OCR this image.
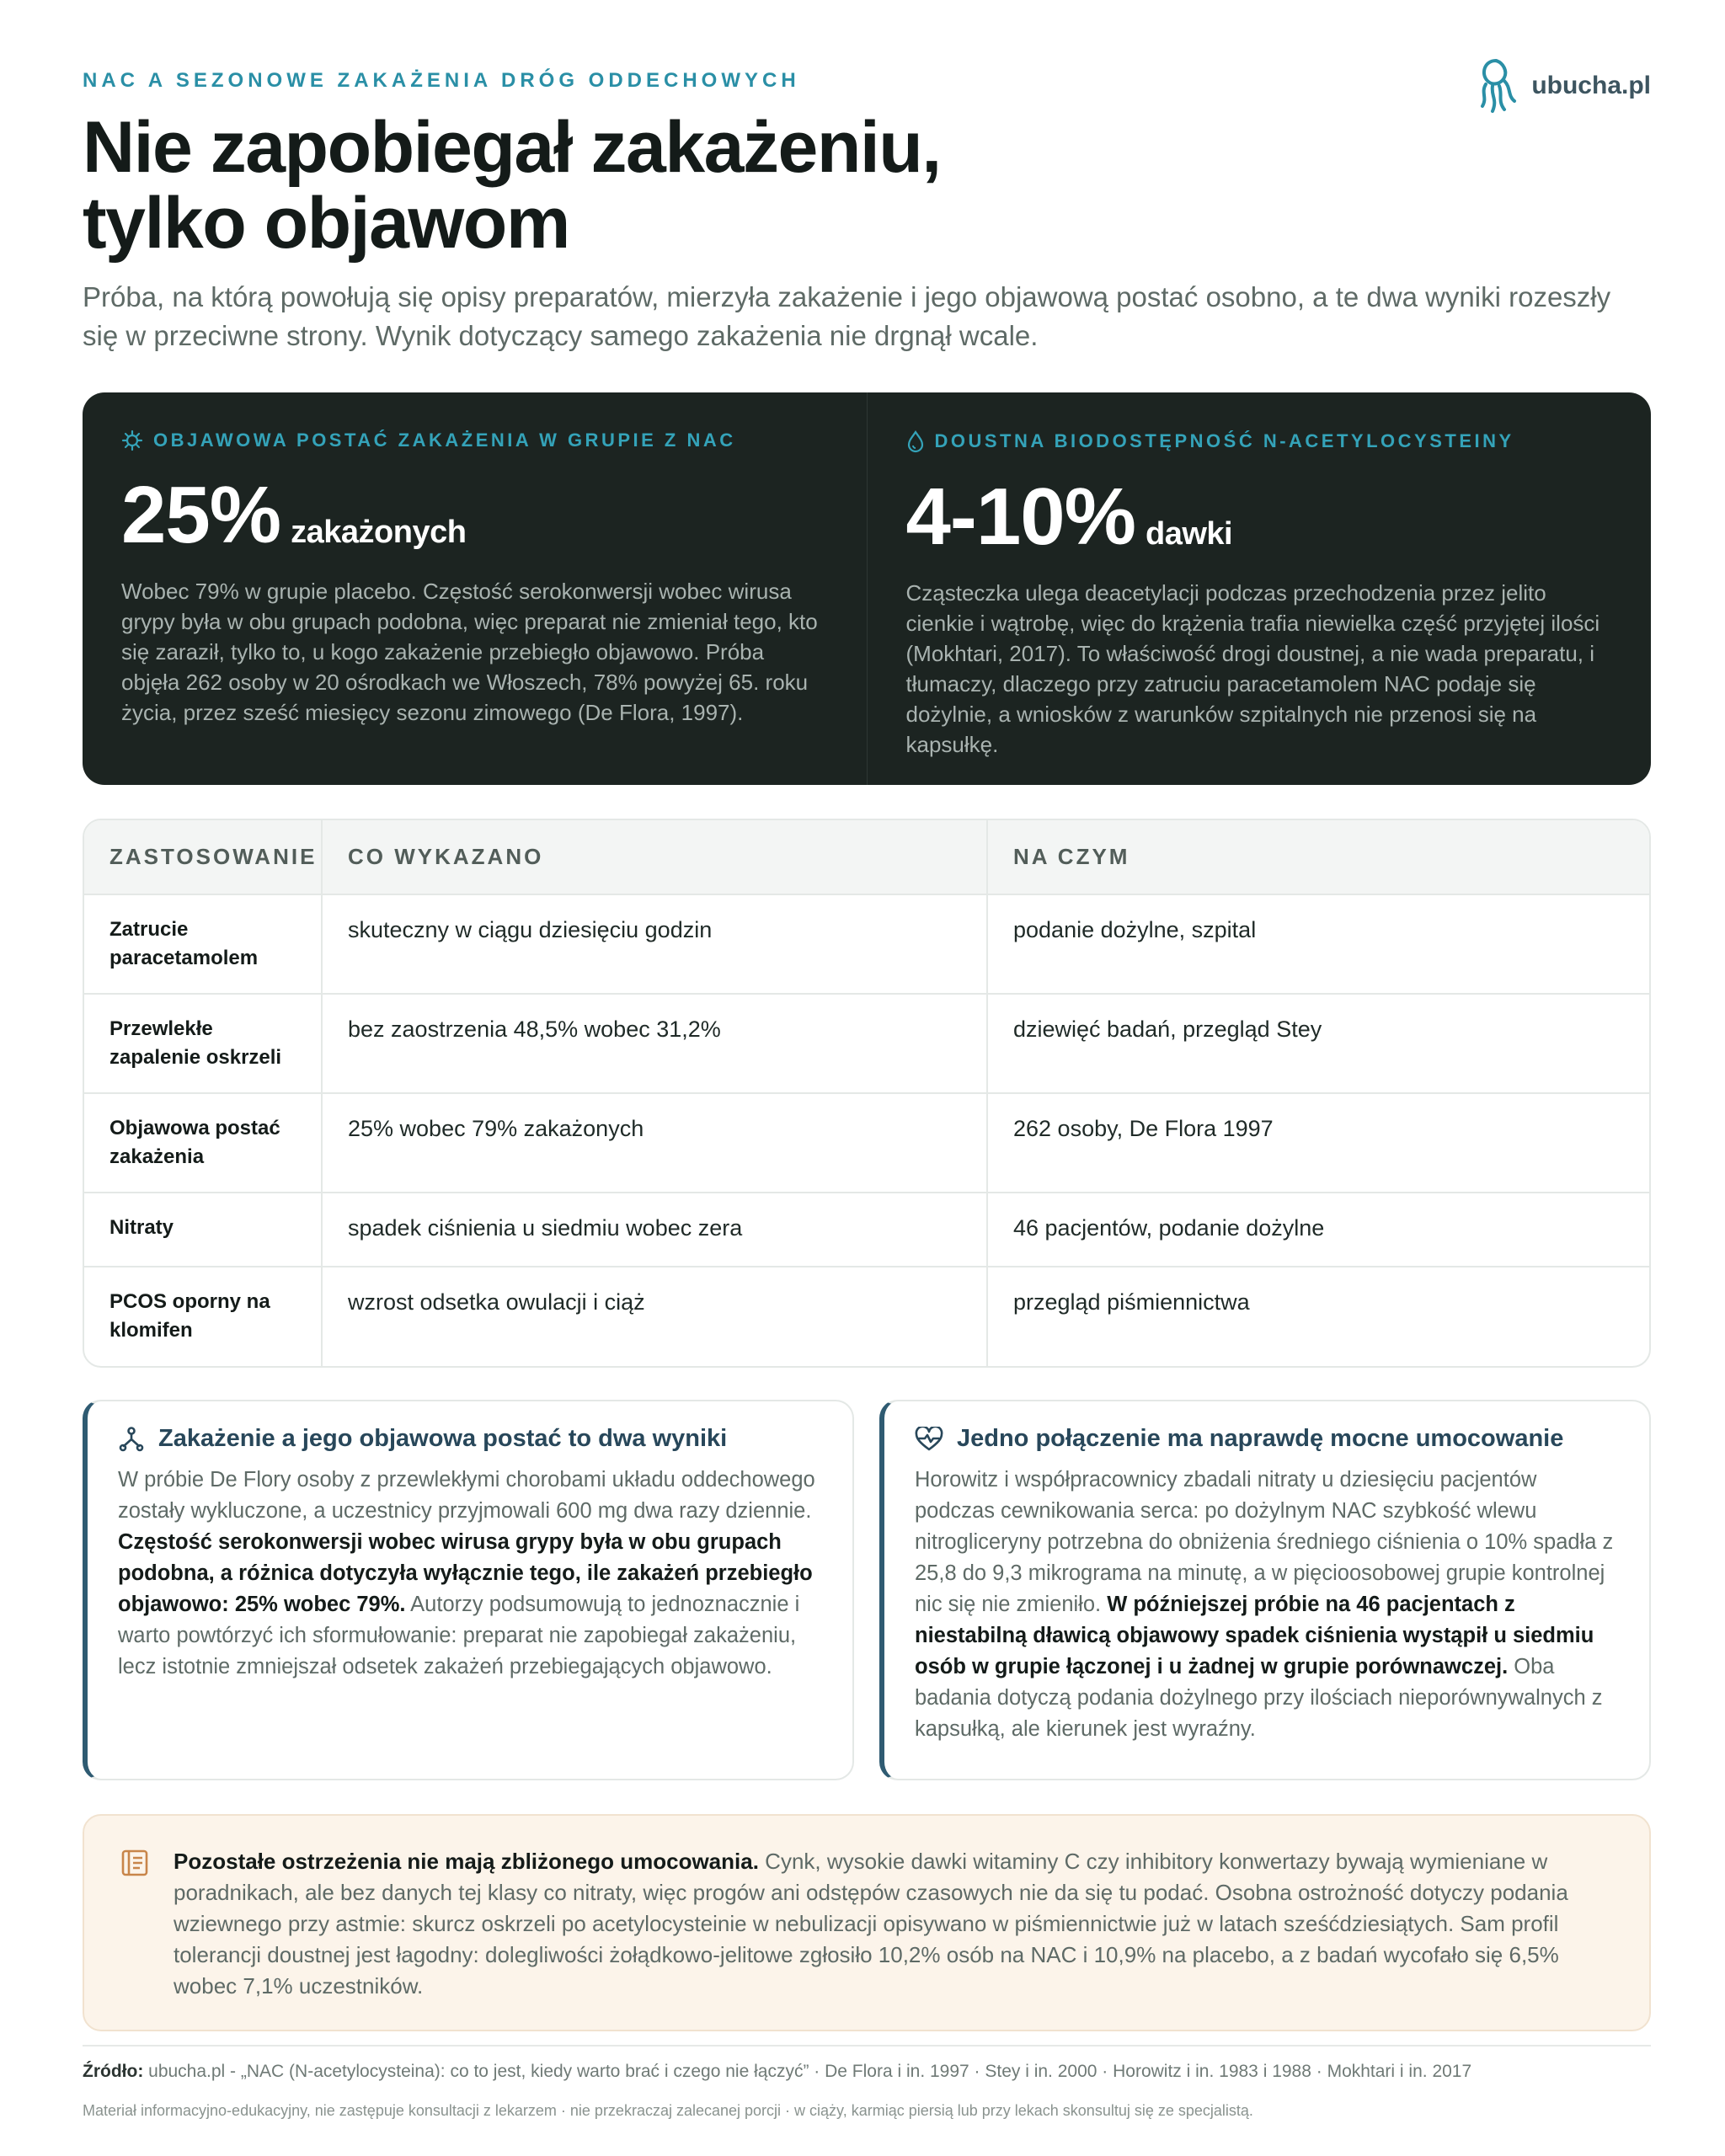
NAC A SEZONOWE ZAKAŻENIA DRÓG ODDECHOWYCH	ubucha.pl
Nie zapobiegał zakażeniu,
tylko objawom

Próba, na którą powołują się opisy preparatów, mierzyła zakażenie i jego objawową postać osobno, a te dwa wyniki rozeszły się w przeciwne strony. Wynik dotyczący samego zakażenia nie drgnął wcale.

OBJAWOWA POSTAĆ ZAKAŻENIA W GRUPIE Z NAC
25% zakażonych

Wobec 79% w grupie placebo. Częstość serokonwersji wobec wirusa grypy była w obu grupach podobna, więc preparat nie zmieniał tego, kto się zaraził, tylko to, u kogo zakażenie przebiegło objawowo. Próba objęła 262 osoby w 20 ośrodkach we Włoszech, 78% powyżej 65. roku życia, przez sześć miesięcy sezonu zimowego (De Flora, 1997).

DOUSTNA BIODOSTĘPNOŚĆ N-ACETYLOCYSTEINY
4-10% dawki

Cząsteczka ulega deacetylacji podczas przechodzenia przez jelito cienkie i wątrobę, więc do krążenia trafia niewielka część przyjętej ilości (Mokhtari, 2017). To właściwość drogi doustnej, a nie wada preparatu, i tłumaczy, dlaczego przy zatruciu paracetamolem NAC podaje się dożylnie, a wniosków z warunków szpitalnych nie przenosi się na kapsułkę.

ZASTOSOWANIE	CO WYKAZANO	NA CZYM
Zatrucie paracetamolem	skuteczny w ciągu dziesięciu godzin	podanie dożylne, szpital
Przewlekłe zapalenie oskrzeli	bez zaostrzenia 48,5% wobec 31,2%	dziewięć badań, przegląd Stey
Objawowa postać zakażenia	25% wobec 79% zakażonych	262 osoby, De Flora 1997
Nitraty	spadek ciśnienia u siedmiu wobec zera	46 pacjentów, podanie dożylne
PCOS oporny na klomifen	wzrost odsetka owulacji i ciąż	przegląd piśmiennictwa
Zakażenie a jego objawowa postać to dwa wyniki

W próbie De Flory osoby z przewlekłymi chorobami układu oddechowego zostały wykluczone, a uczestnicy przyjmowali 600 mg dwa razy dziennie. Częstość serokonwersji wobec wirusa grypy była w obu grupach podobna, a różnica dotyczyła wyłącznie tego, ile zakażeń przebiegło objawowo: 25% wobec 79%. Autorzy podsumowują to jednoznacznie i warto powtórzyć ich sformułowanie: preparat nie zapobiegał zakażeniu, lecz istotnie zmniejszał odsetek zakażeń przebiegających objawowo.

Jedno połączenie ma naprawdę mocne umocowanie

Horowitz i współpracownicy zbadali nitraty u dziesięciu pacjentów podczas cewnikowania serca: po dożylnym NAC szybkość wlewu nitrogliceryny potrzebna do obniżenia średniego ciśnienia o 10% spadła z 25,8 do 9,3 mikrograma na minutę, a w pięcioosobowej grupie kontrolnej nic się nie zmieniło. W późniejszej próbie na 46 pacjentach z niestabilną dławicą objawowy spadek ciśnienia wystąpił u siedmiu osób w grupie łączonej i u żadnej w grupie porównawczej. Oba badania dotyczą podania dożylnego przy ilościach nieporównywalnych z kapsułką, ale kierunek jest wyraźny.

Pozostałe ostrzeżenia nie mają zbliżonego umocowania. Cynk, wysokie dawki witaminy C czy inhibitory konwertazy bywają wymieniane w poradnikach, ale bez danych tej klasy co nitraty, więc progów ani odstępów czasowych nie da się tu podać. Osobna ostrożność dotyczy podania wziewnego przy astmie: skurcz oskrzeli po acetylocysteinie w nebulizacji opisywano w piśmiennictwie już w latach sześćdziesiątych. Sam profil tolerancji doustnej jest łagodny: dolegliwości żołądkowo-jelitowe zgłosiło 10,2% osób na NAC i 10,9% na placebo, a z badań wycofało się 6,5% wobec 7,1% uczestników.

Źródło: ubucha.pl - „NAC (N-acetylocysteina): co to jest, kiedy warto brać i czego nie łączyć” · De Flora i in. 1997 · Stey i in. 2000 · Horowitz i in. 1983 i 1988 · Mokhtari i in. 2017

Materiał informacyjno-edukacyjny, nie zastępuje konsultacji z lekarzem · nie przekraczaj zalecanej porcji · w ciąży, karmiąc piersią lub przy lekach skonsultuj się ze specjalistą.
